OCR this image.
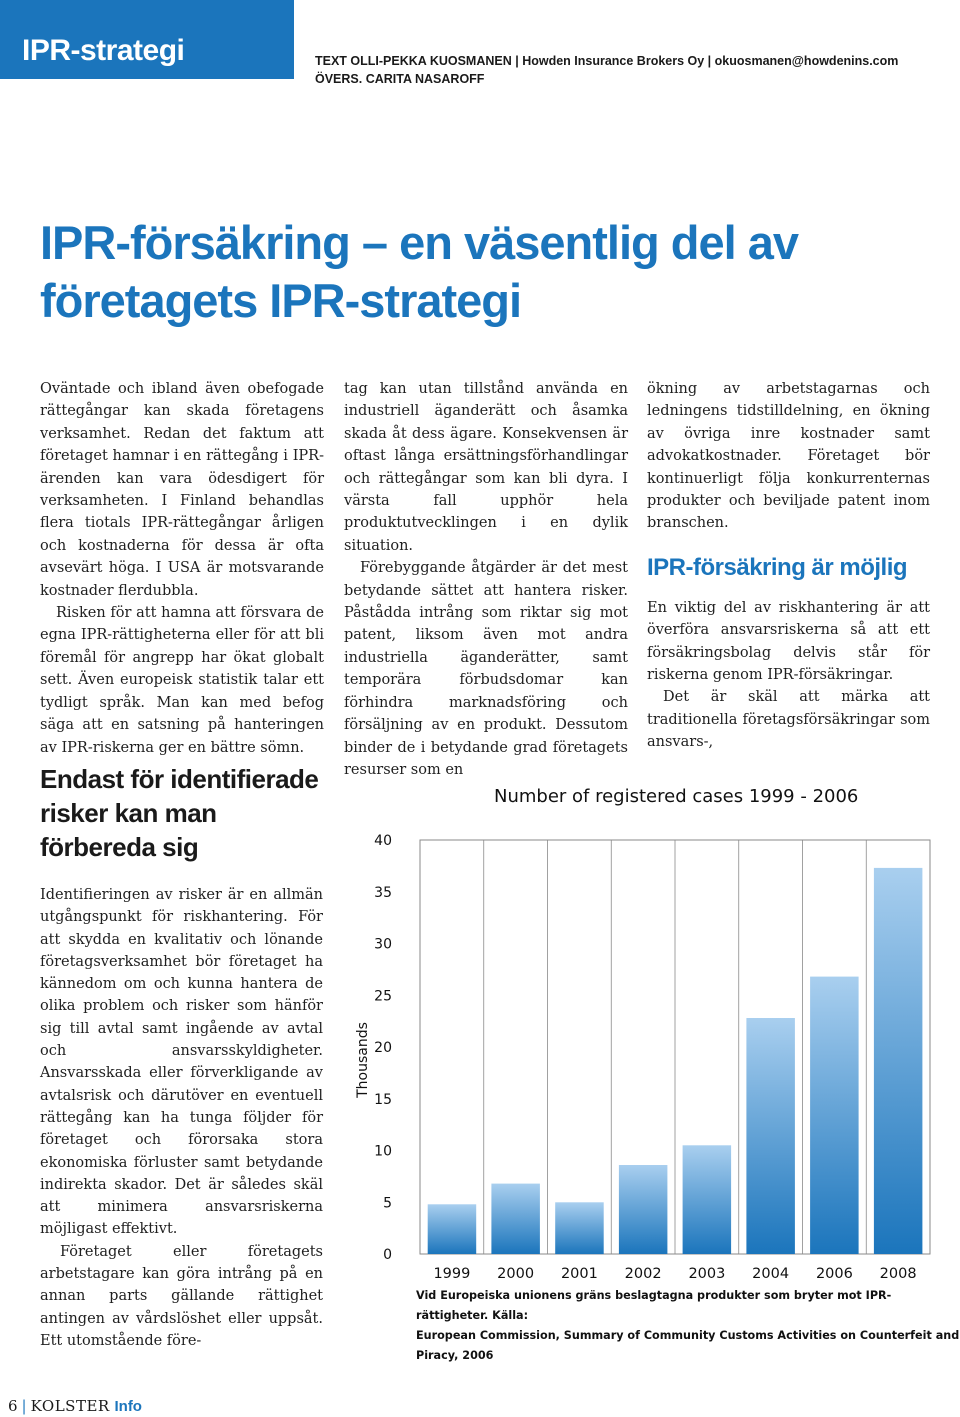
IPR-strategi	TEXT OLLI-PEKKA KUOSMANEN | Howden Insurance Brokers Oy | okuosmanen@howdenins.com
ÖVERS. CARITA NASAROFF
IPR-försäkring – en väsentlig del av företagets IPR-strategi

Oväntade och ibland även obefogade rättegångar kan skada företagens verksamhet. Redan det faktum att företaget hamnar i en rättegång i IPR-ärenden kan vara ödesdigert för verksamheten. I Finland behandlas flera tiotals IPR-rättegångar årligen och kostnaderna för dessa är ofta avsevärt höga. I USA är motsvarande kostnader flerdubbla.

Risken för att hamna att försvara de egna IPR-rättigheterna eller för att bli föremål för angrepp har ökat globalt sett. Även europeisk statistik talar ett tydligt språk. Man kan med befog säga att en satsning på hanteringen av IPR-riskerna ger en bättre sömn.

tag kan utan tillstånd använda en industriell äganderätt och åsamka skada åt dess ägare. Konsekvensen är oftast långa ersättningsförhandlingar och rättegångar som kan bli dyra. I värsta fall upphör hela produktutvecklingen i en dylik situation.

Förebyggande åtgärder är det mest betydande sättet att hantera risker. Påstådda intrång som riktar sig mot patent, liksom även mot andra industriella äganderätter, samt temporära förbudsdomar kan förhindra marknadsföring och försäljning av en produkt. Dessutom binder de i betydande grad företagets resurser som en

ökning av arbetstagarnas och ledningens tidstilldelning, en ökning av övriga inre kostnader samt advokatkostnader. Företaget bör kontinuerligt följa konkurrenternas produkter och beviljade patent inom branschen.

IPR-försäkring är möjlig

En viktig del av riskhantering är att överföra ansvarsriskerna så att ett försäkringsbolag delvis står för riskerna genom IPR-försäkringar.

Det är skäl att märka att traditionella företagsförsäkringar som ansvars-,

Endast för identifierade risker kan man förbereda sig

Identifieringen av risker är en allmän utgångspunkt för riskhantering. För att skydda en kvalitativ och lönande företagsverksamhet bör företaget ha kännedom om och kunna hantera de olika problem och risker som hänför sig till avtal samt ingående av avtal och ansvarsskyldigheter. Ansvarsskada eller förverkligande av avtalsrisk och därutöver en eventuell rättegång kan ha tunga följder för företaget och förorsaka stora ekonomiska förluster samt betydande indirekta skador. Det är således skäl att minimera ansvarsriskerna möjligast effektivt.

Företaget eller företagets arbetstagare kan göra intrång på en annan parts gällande rättighet antingen av vårdslöshet eller uppsåt. Ett utomstående före-

Number of registered cases 1999 - 2006
0
5
10
15
20
25
30
35
40
1999 2000 2001 2002 2003 2004 2006 2008
Thousands
Vid Europeiska unionens gräns beslagtagna produkter som bryter mot IPR-rättigheter. Källa:
European Commission, Summary of Community Customs Activities on Counterfeit and Piracy, 2006
6 | KOLSTER Info
